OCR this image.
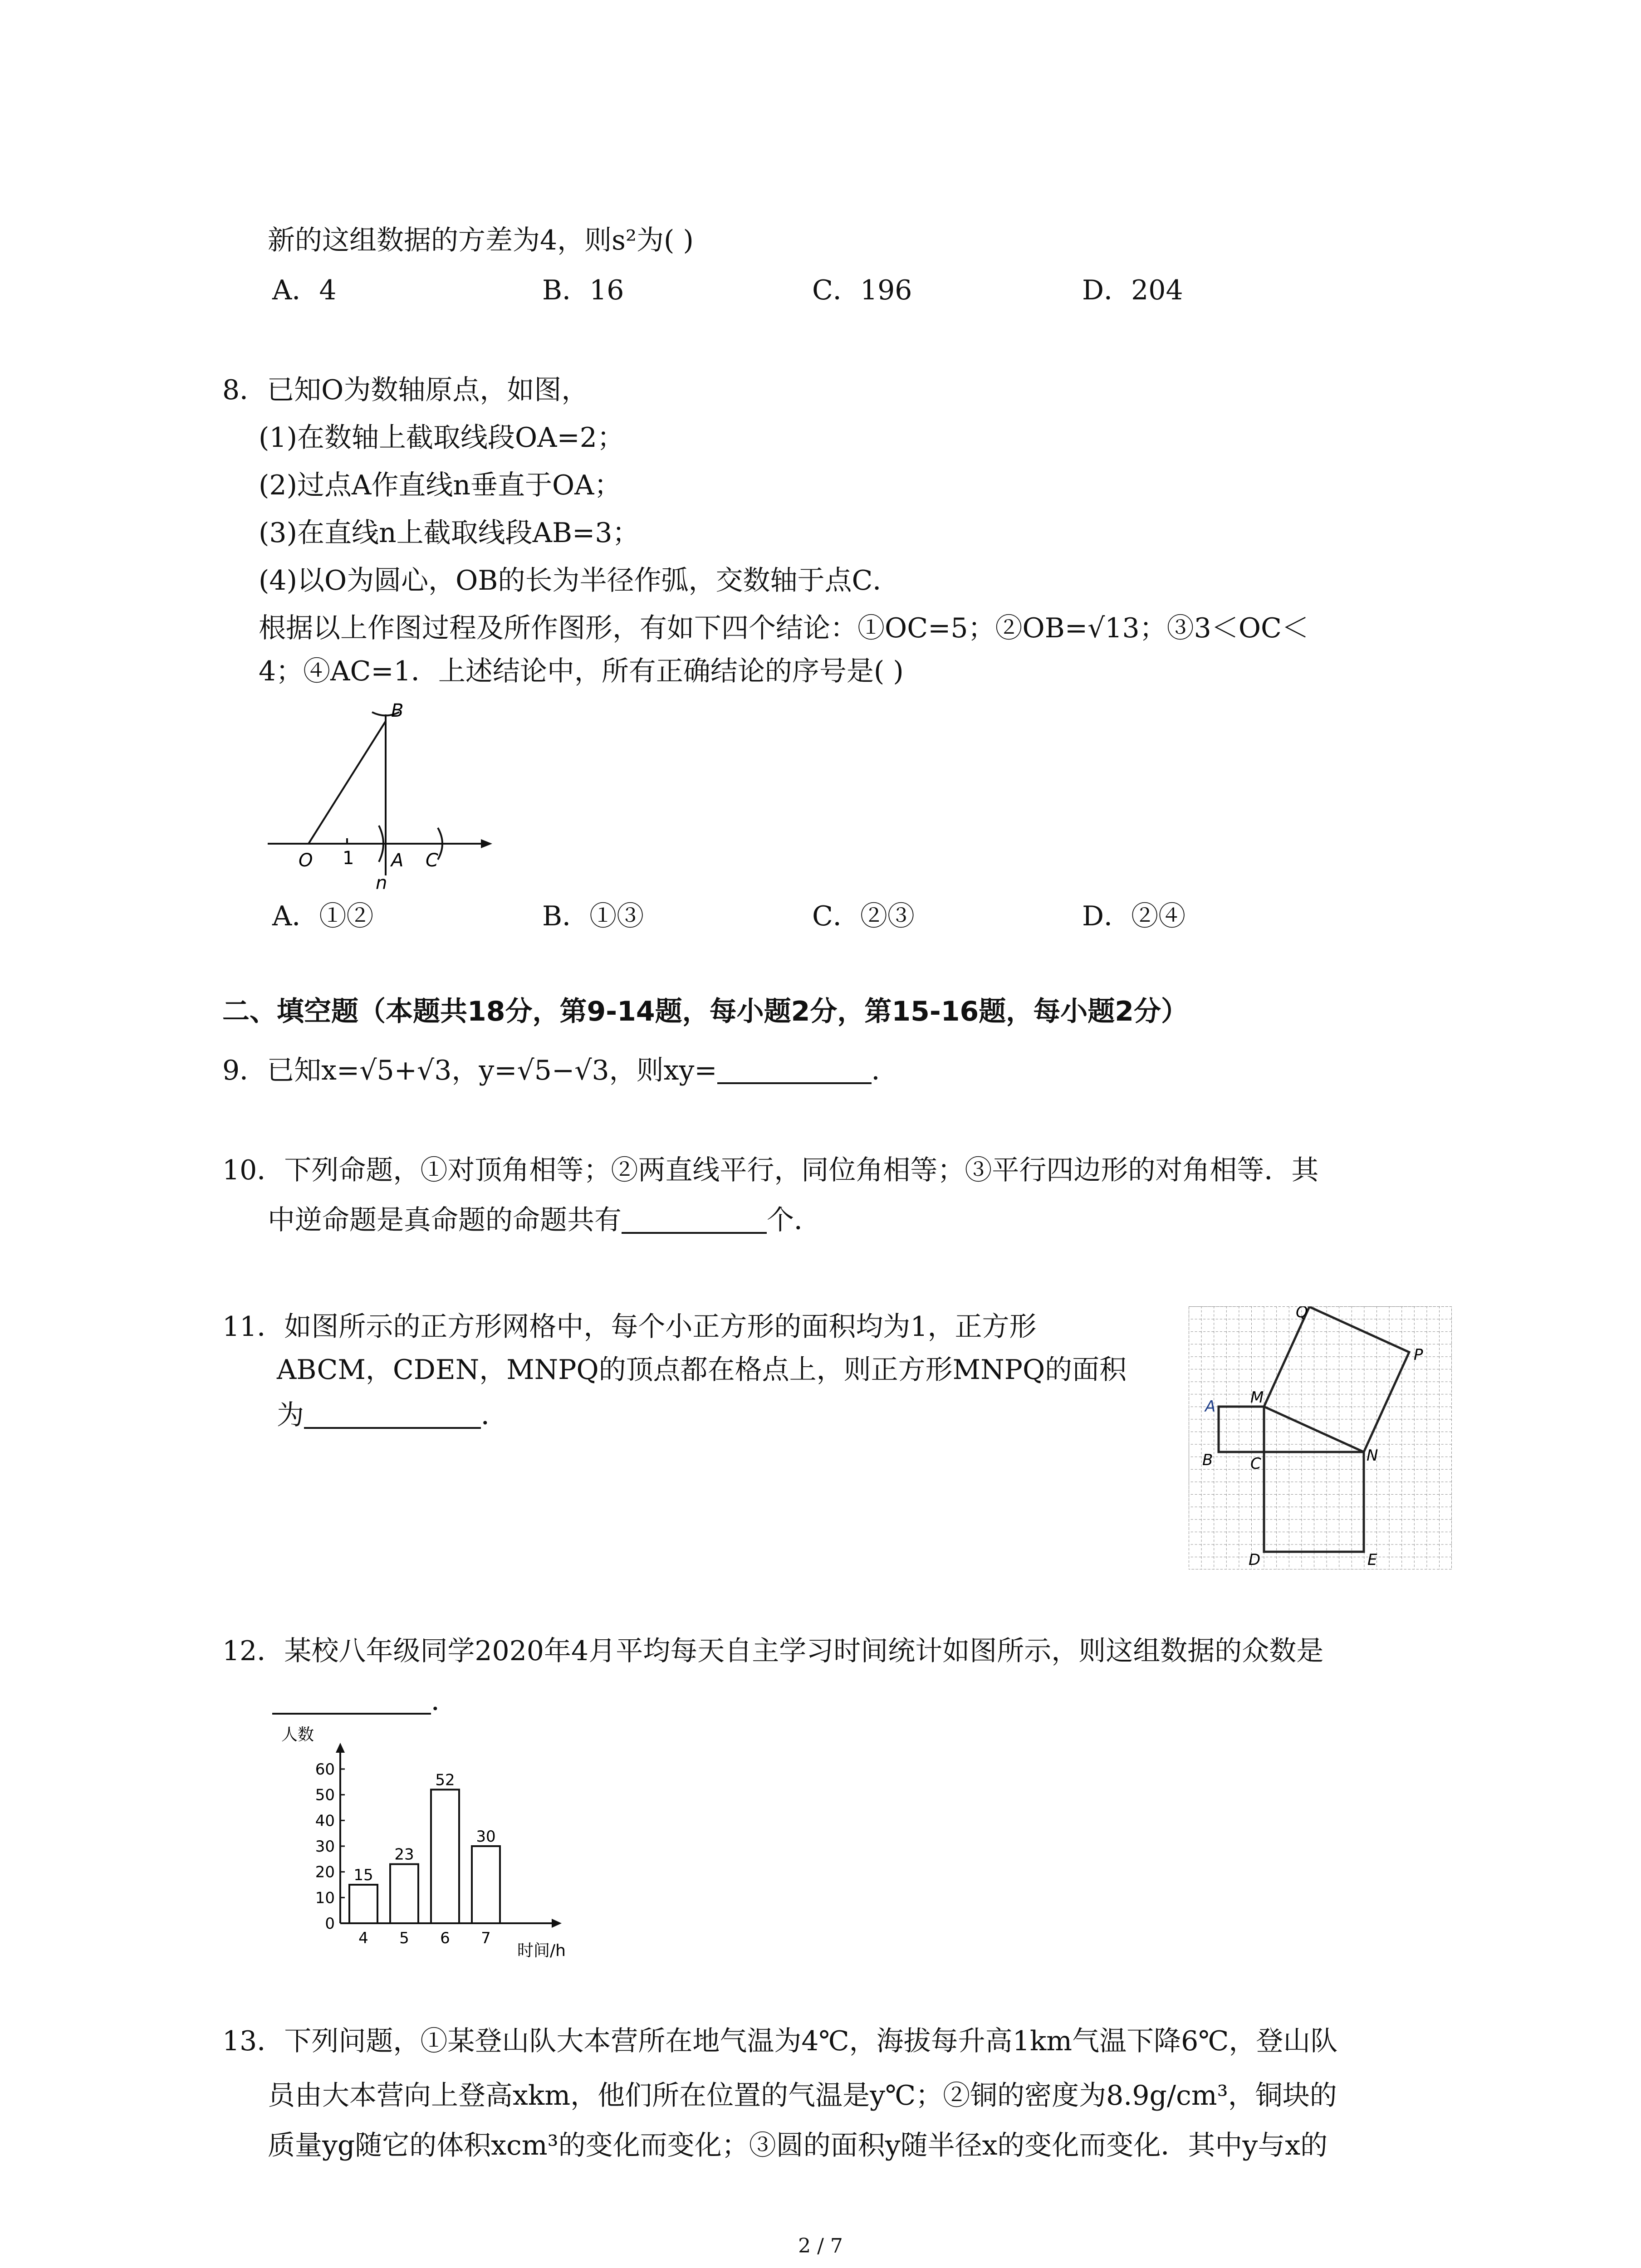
新的这组数据的方差为4，则s²为( )
A．4	B．16	C．196	D．204
8．已知O为数轴原点，如图，
(1)在数轴上截取线段OA=2；
(2)过点A作直线n垂直于OA；
(3)在直线n上截取线段AB=3；
(4)以O为圆心，OB的长为半径作弧，交数轴于点C．
根据以上作图过程及所作图形，有如下四个结论：①OC=5；②OB=√13；③3＜OC＜
4；④AC=1．上述结论中，所有正确结论的序号是( )
O 1 A C
B
n
A．①②	B．①③	C．②③	D．②④
二、填空题（本题共18分，第9-14题，每小题2分，第15-16题，每小题2分）
9．已知x=√5+√3，y=√5−√3，则xy=	．
10．下列命题，①对顶角相等；②两直线平行，同位角相等；③平行四边形的对角相等．其
中逆命题是真命题的命题共有	个．
11．如图所示的正方形网格中，每个小正方形的面积均为1，正方形
ABCM，CDEN，MNPQ的顶点都在格点上，则正方形MNPQ的面积
为	．	A
B C
M
N
P
Q
D	E
12．某校八年级同学2020年4月平均每天自主学习时间统计如图所示，则这组数据的众数是
．
人数
时间/h
0
10
20
30
40
50
60
15
4
23
5
52
6
30
7
13．下列问题，①某登山队大本营所在地气温为4℃，海拔每升高1km气温下降6℃，登山队
员由大本营向上登高xkm，他们所在位置的气温是y℃；②铜的密度为8.9g/cm³，铜块的
质量yg随它的体积xcm³的变化而变化；③圆的面积y随半径x的变化而变化．其中y与x的
2 / 7
